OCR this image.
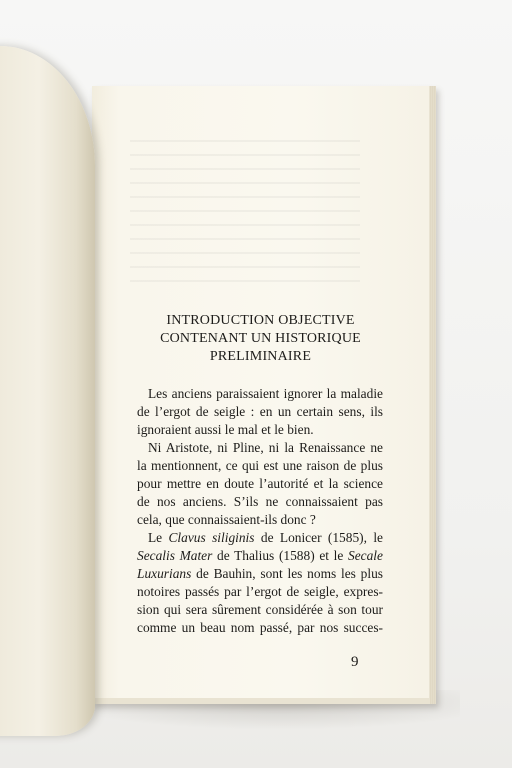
INTRODUCTION OBJECTIVE
CONTENANT UN HISTORIQUE
PRELIMINAIRE
Les anciens paraissaient ignorer la maladie
de l’ergot de seigle : en un certain sens, ils
ignoraient aussi le mal et le bien.
Ni Aristote, ni Pline, ni la Renaissance ne
la mentionnent, ce qui est une raison de plus
pour mettre en doute l’autorité et la science
de nos anciens. S’ils ne connaissaient pas
cela, que connaissaient-ils donc ?
Le Clavus siliginis de Lonicer (1585), le
Secalis Mater de Thalius (1588) et le Secale
Luxurians de Bauhin, sont les noms les plus
notoires passés par l’ergot de seigle, expres-
sion qui sera sûrement considérée à son tour
comme un beau nom passé, par nos succes-
9
